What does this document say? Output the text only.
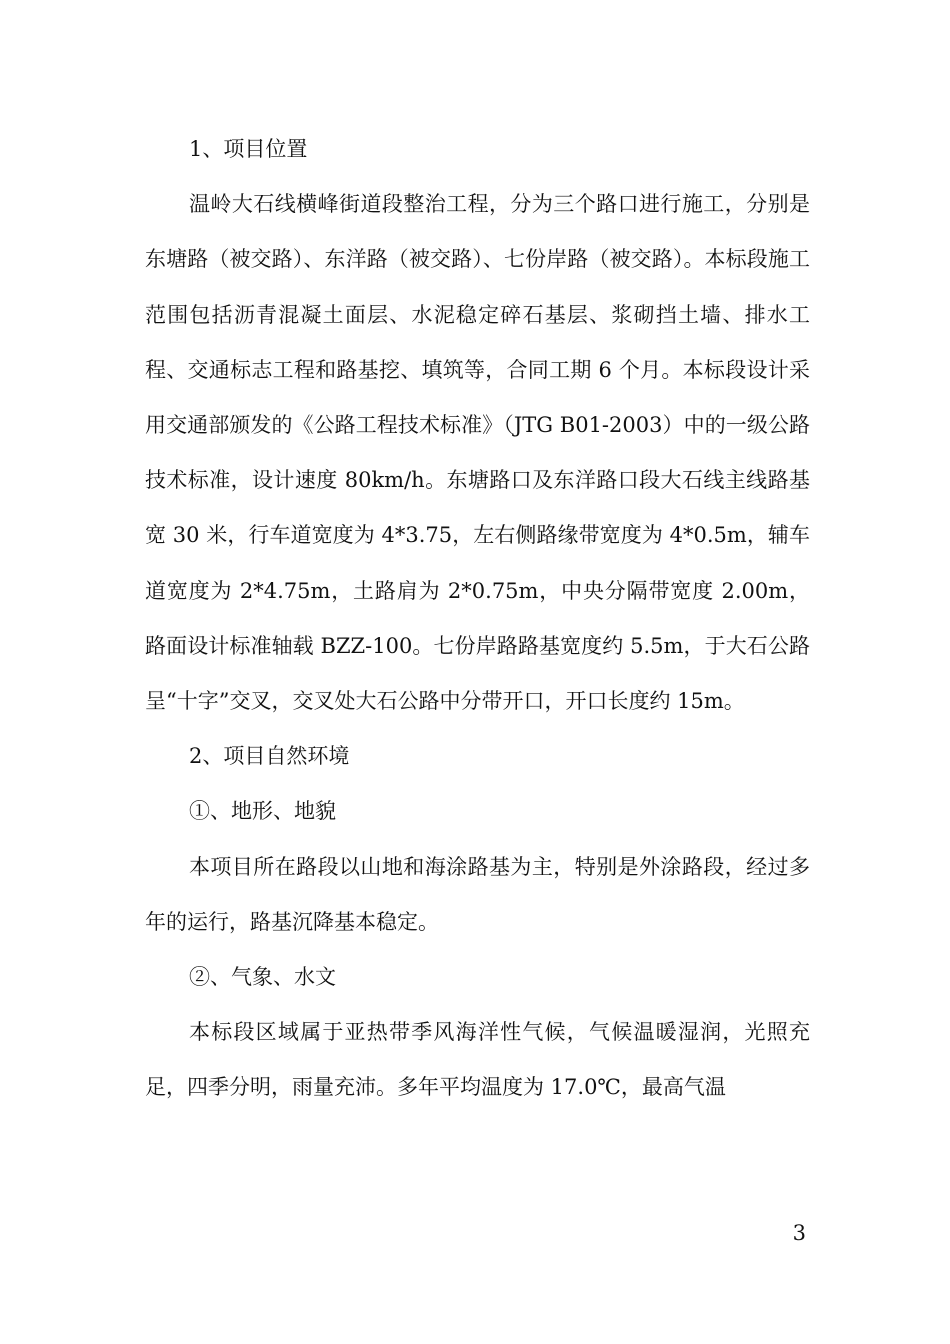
1、项目位置

温岭大石线横峰街道段整治工程，分为三个路口进行施工，分别是东塘路（被交路）、东洋路（被交路）、七份岸路（被交路）。本标段施工范围包括沥青混凝土面层、水泥稳定碎石基层、浆砌挡土墙、排水工程、交通标志工程和路基挖、填筑等，合同工期 6 个月。本标段设计采用交通部颁发的《公路工程技术标准》（JTG B01-2003）中的一级公路技术标准，设计速度 80km/h。东塘路口及东洋路口段大石线主线路基宽 30 米，行车道宽度为 4*3.75，左右侧路缘带宽度为 4*0.5m，辅车道宽度为 2*4.75m，土路肩为 2*0.75m，中央分隔带宽度 2.00m，路面设计标准轴载 BZZ-100。七份岸路路基宽度约 5.5m，于大石公路呈“十字”交叉，交叉处大石公路中分带开口，开口长度约 15m。

2、项目自然环境

①、地形、地貌

本项目所在路段以山地和海涂路基为主，特别是外涂路段，经过多年的运行，路基沉降基本稳定。

②、气象、水文

本标段区域属于亚热带季风海洋性气候，气候温暖湿润，光照充足，四季分明，雨量充沛。多年平均温度为 17.0℃，最高气温

3
